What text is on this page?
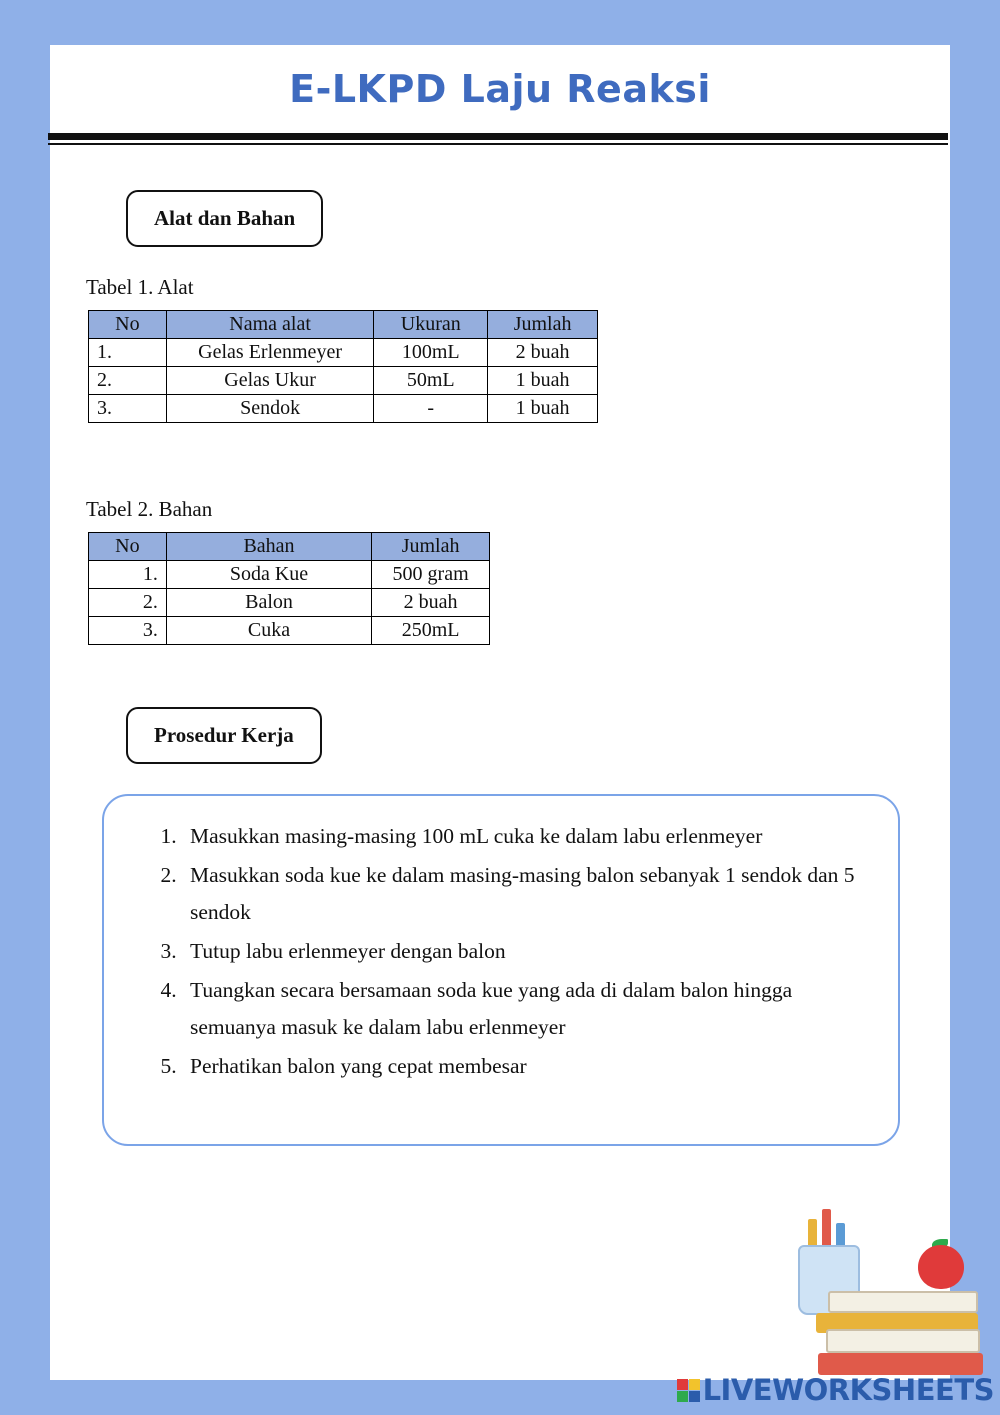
E-LKPD Laju Reaksi
Alat dan Bahan
Tabel 1. Alat
No	Nama alat	Ukuran	Jumlah
1.	Gelas Erlenmeyer	100mL	2 buah
2.	Gelas Ukur	50mL	1 buah
3.	Sendok	-	1 buah
Tabel 2. Bahan
No	Bahan	Jumlah
1.	Soda Kue	500 gram
2.	Balon	2 buah
3.	Cuka	250mL
Prosedur Kerja
1. Masukkan masing-masing 100 mL cuka ke dalam labu erlenmeyer
2. Masukkan soda kue ke dalam masing-masing balon sebanyak 1 sendok dan 5 sendok
3. Tutup labu erlenmeyer dengan balon
4. Tuangkan secara bersamaan soda kue yang ada di dalam balon hingga semuanya masuk ke dalam labu erlenmeyer
5. Perhatikan balon yang cepat membesar
LIVEWORKSHEETS
